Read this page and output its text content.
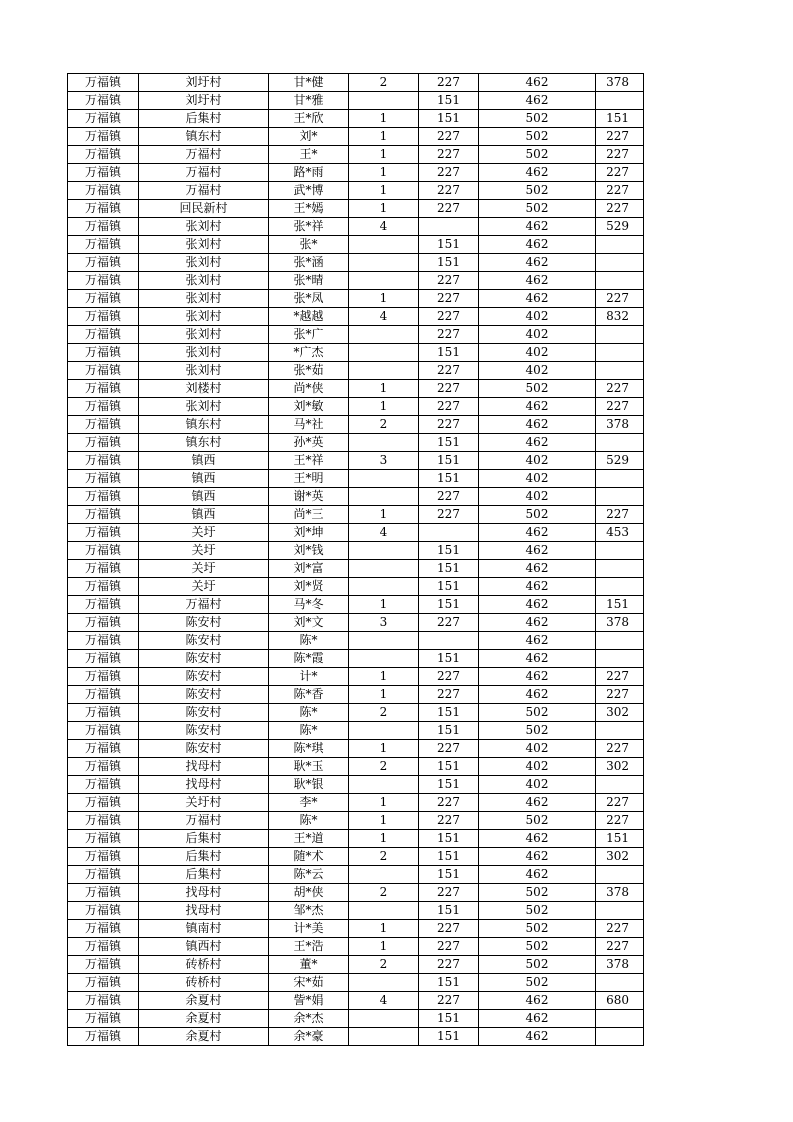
万福镇	刘圩村	甘*健	2	227	462	378
万福镇	刘圩村	甘*雅		151	462	
万福镇	后集村	王*欣	1	151	502	151
万福镇	镇东村	刘*	1	227	502	227
万福镇	万福村	王*	1	227	502	227
万福镇	万福村	路*雨	1	227	462	227
万福镇	万福村	武*博	1	227	502	227
万福镇	回民新村	王*嫣	1	227	502	227
万福镇	张刘村	张*祥	4		462	529
万福镇	张刘村	张*		151	462	
万福镇	张刘村	张*涵		151	462	
万福镇	张刘村	张*晴		227	462	
万福镇	张刘村	张*凤	1	227	462	227
万福镇	张刘村	*越越	4	227	402	832
万福镇	张刘村	张*广		227	402	
万福镇	张刘村	*广杰		151	402	
万福镇	张刘村	张*茹		227	402	
万福镇	刘楼村	尚*侠	1	227	502	227
万福镇	张刘村	刘*敏	1	227	462	227
万福镇	镇东村	马*社	2	227	462	378
万福镇	镇东村	孙*英		151	462	
万福镇	镇西	王*祥	3	151	402	529
万福镇	镇西	王*明		151	402	
万福镇	镇西	谢*英		227	402	
万福镇	镇西	尚*三	1	227	502	227
万福镇	关圩	刘*坤	4		462	453
万福镇	关圩	刘*钱		151	462	
万福镇	关圩	刘*富		151	462	
万福镇	关圩	刘*贤		151	462	
万福镇	万福村	马*冬	1	151	462	151
万福镇	陈安村	刘*文	3	227	462	378
万福镇	陈安村	陈*			462	
万福镇	陈安村	陈*霞		151	462	
万福镇	陈安村	计*	1	227	462	227
万福镇	陈安村	陈*香	1	227	462	227
万福镇	陈安村	陈*	2	151	502	302
万福镇	陈安村	陈*		151	502	
万福镇	陈安村	陈*琪	1	227	402	227
万福镇	找母村	耿*玉	2	151	402	302
万福镇	找母村	耿*银		151	402	
万福镇	关圩村	李*	1	227	462	227
万福镇	万福村	陈*	1	227	502	227
万福镇	后集村	王*道	1	151	462	151
万福镇	后集村	随*术	2	151	462	302
万福镇	后集村	陈*云		151	462	
万福镇	找母村	胡*侠	2	227	502	378
万福镇	找母村	邹*杰		151	502	
万福镇	镇南村	计*美	1	227	502	227
万福镇	镇西村	王*浩	1	227	502	227
万福镇	砖桥村	董*	2	227	502	378
万福镇	砖桥村	宋*茹		151	502	
万福镇	余夏村	訾*娟	4	227	462	680
万福镇	余夏村	余*杰		151	462	
万福镇	余夏村	余*豪		151	462	
